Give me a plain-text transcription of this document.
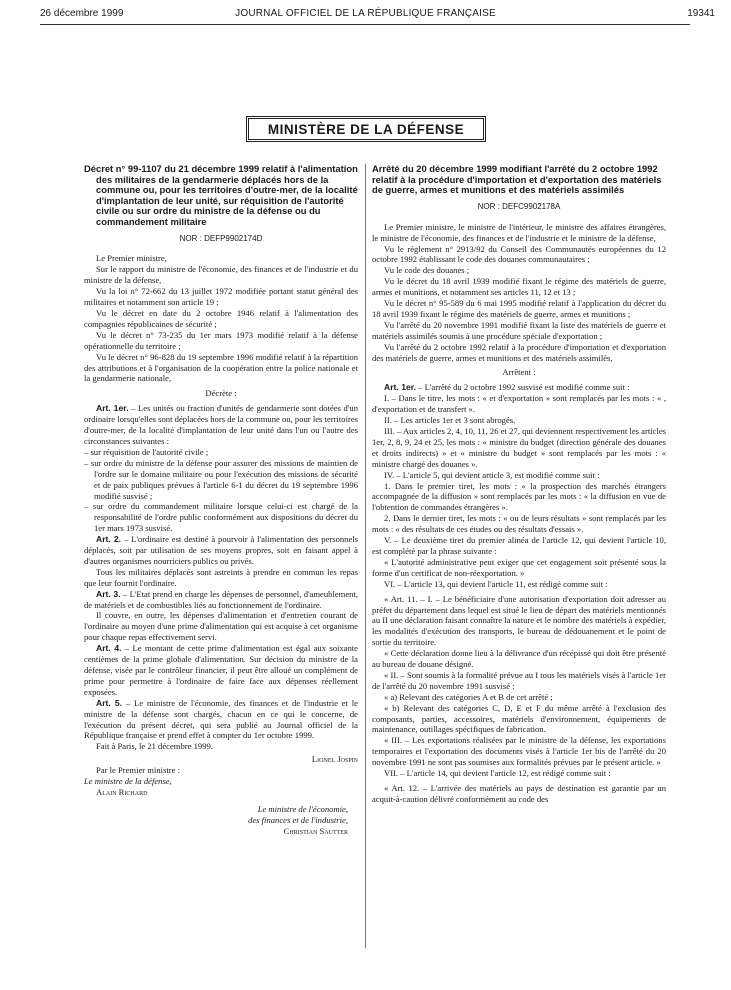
26 décembre 1999	JOURNAL OFFICIEL DE LA RÉPUBLIQUE FRANÇAISE	19341
MINISTÈRE DE LA DÉFENSE
Décret n° 99-1107 du 21 décembre 1999 relatif à l'alimentation des militaires de la gendarmerie déplacés hors de la commune ou, pour les territoires d'outre-mer, de la localité d'implantation de leur unité, sur réquisition de l'autorité civile ou sur ordre du ministre de la défense ou du commandement militaire
NOR : DEFP9902174D

Le Premier ministre,

Sur le rapport du ministre de l'économie, des finances et de l'industrie et du ministre de la défense,

Vu la loi n° 72-662 du 13 juillet 1972 modifiée portant statut général des militaires et notamment son article 19 ;

Vu le décret en date du 2 octobre 1946 relatif à l'alimentation des compagnies républicaines de sécurité ;

Vu le décret n° 73-235 du 1er mars 1973 modifié relatif à la défense opérationnelle du territoire ;

Vu le décret n° 96-828 du 19 septembre 1996 modifié relatif à la répartition des attributions et à l'organisation de la coopération entre la police nationale et la gendarmerie nationale,

Décrète :

Art. 1er. – Les unités ou fraction d'unités de gendarmerie sont dotées d'un ordinaire lorsqu'elles sont déplacées hors de la commune ou, pour les territoires d'outre-mer, de la localité d'implantation de leur unité dans l'un ou l'autre des circonstances suivantes :

– sur réquisition de l'autorité civile ;

– sur ordre du ministre de la défense pour assurer des missions de maintien de l'ordre sur le domaine militaire ou pour l'exécution des missions de sécurité et de paix publiques prévues à l'article 6-1 du décret du 19 septembre 1996 modifié susvisé ;

– sur ordre du commandement militaire lorsque celui-ci est chargé de la responsabilité de l'ordre public conformément aux dispositions du décret du 1er mars 1973 susvisé.

Art. 2. – L'ordinaire est destiné à pourvoir à l'alimentation des personnels déplacés, soit par utilisation de ses moyens propres, soit en faisant appel à d'autres organismes nourriciers publics ou privés.

Tous les militaires déplacés sont astreints à prendre en commun les repas que leur fournit l'ordinaire.

Art. 3. – L'Etat prend en charge les dépenses de personnel, d'ameublement, de matériels et de combustibles liés au fonctionnement de l'ordinaire.

Il couvre, en outre, les dépenses d'alimentation et d'entretien courant de l'ordinaire au moyen d'une prime d'alimentation qui est acquise à cet organisme pour chaque repas effectivement servi.

Art. 4. – Le montant de cette prime d'alimentation est égal aux soixante centièmes de la prime globale d'alimentation. Sur décision du ministre de la défense, visée par le contrôleur financier, il peut être alloué un complément de prime pour permettre à l'ordinaire de faire face aux dépenses réellement exposées.

Art. 5. – Le ministre de l'économie, des finances et de l'industrie et le ministre de la défense sont chargés, chacun en ce qui le concerne, de l'exécution du présent décret, qui sera publié au Journal officiel de la République française et prend effet à compter du 1er octobre 1999.

Fait à Paris, le 21 décembre 1999.

Lionel Jospin

Par le Premier ministre :

Le ministre de la défense,

Alain Richard

Le ministre de l'économie,

des finances et de l'industrie,

Christian Sautter

Arrêté du 20 décembre 1999 modifiant l'arrêté du 2 octobre 1992 relatif à la procédure d'importation et d'exportation des matériels de guerre, armes et munitions et des matériels assimilés
NOR : DEFC9902178A

Le Premier ministre, le ministre de l'intérieur, le ministre des affaires étrangères, le ministre de l'économie, des finances et de l'industrie et le ministre de la défense,

Vu le règlement n° 2913/92 du Conseil des Communautés européennes du 12 octobre 1992 établissant le code des douanes communautaires ;

Vu le code des douanes ;

Vu le décret du 18 avril 1939 modifié fixant le régime des matériels de guerre, armes et munitions, et notamment ses articles 11, 12 et 13 ;

Vu le décret n° 95-589 du 6 mai 1995 modifié relatif à l'application du décret du 18 avril 1939 fixant le régime des matériels de guerre, armes et munitions ;

Vu l'arrêté du 20 novembre 1991 modifié fixant la liste des matériels de guerre et matériels assimilés soumis à une procédure spéciale d'exportation ;

Vu l'arrêté du 2 octobre 1992 relatif à la procédure d'importation et d'exportation des matériels de guerre, armes et munitions et des matériels assimilés,

Arrêtent :

Art. 1er. – L'arrêté du 2 octobre 1992 susvisé est modifié comme suit :

I. – Dans le titre, les mots : « et d'exportation » sont remplacés par les mots : « , d'exportation et de transfert ».

II. – Les articles 1er et 3 sont abrogés.

III. – Aux articles 2, 4, 10, 11, 26 et 27, qui deviennent respectivement les articles 1er, 2, 8, 9, 24 et 25, les mots : « ministre du budget (direction générale des douanes et droits indirects) » et « ministre du budget » sont remplacés par les mots : « ministre chargé des douanes ».

IV. – L'article 5, qui devient article 3, est modifié comme suit :

1. Dans le premier tiret, les mots : « la prospection des marchés étrangers accompagnée de la diffusion » sont remplacés par les mots : « la diffusion en vue de l'obtention de commandes étrangères ».

2. Dans le dernier tiret, les mots : « ou de leurs résultats » sont remplacés par les mots : « des résultats de ces études ou des résultats d'essais ».

V. – Le deuxième tiret du premier alinéa de l'article 12, qui devient l'article 10, est complété par la phrase suivante :

« L'autorité administrative peut exiger que cet engagement soit présenté sous la forme d'un certificat de non-réexportation. »

VI. – L'article 13, qui devient l'article 11, est rédigé comme suit :

« Art. 11. – I. – Le bénéficiaire d'une autorisation d'exportation doit adresser au préfet du département dans lequel est situé le lieu de départ des matériels mentionnés au II une déclaration faisant connaître la nature et le nombre des matériels à expédier, les modalités d'exécution des transports, le bureau de dédouanement et le point de sortie du territoire.

« Cette déclaration donne lieu à la délivrance d'un récépissé qui doit être présenté au bureau de douane désigné.

« II. – Sont soumis à la formalité prévue au I tous les matériels visés à l'article 1er de l'arrêté du 20 novembre 1991 susvisé :

« a) Relevant des catégories A et B de cet arrêté ;

« b) Relevant des catégories C, D, E et F du même arrêté à l'exclusion des composants, parties, accessoires, matériels d'environnement, équipements de maintenance, outillages spécifiques de fabrication.

« III. – Les exportations réalisées par le ministre de la défense, les exportations temporaires et l'exportation des documents visés à l'article 1er bis de l'arrêté du 20 novembre 1991 ne sont pas soumises aux formalités prévues par le présent article. »

VII. – L'article 14, qui devient l'article 12, est rédigé comme suit :

« Art. 12. – L'arrivée des matériels au pays de destination est garantie par un acquit-à-caution délivré conformément au code des
